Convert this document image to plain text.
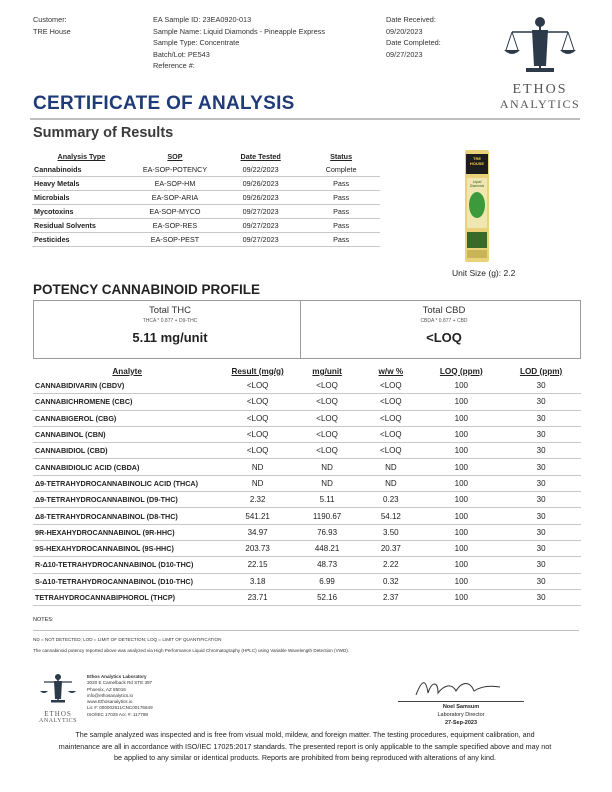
Customer:
TRE House
EA Sample ID: 23EA0920-013
Sample Name: Liquid Diamonds - Pineapple Express
Sample Type: Concentrate
Batch/Lot: PE543
Reference #:
Date Received:
09/20/2023
Date Completed:
09/27/2023
ETHOS
ANALYTICS
CERTIFICATE OF ANALYSIS
Summary of Results
Analysis Type	SOP	Date Tested	Status
Cannabinoids	EA-SOP-POTENCY	09/22/2023	Complete
Heavy Metals	EA-SOP-HM	09/26/2023	Pass
Microbials	EA-SOP-ARIA	09/26/2023	Pass
Mycotoxins	EA-SOP-MYCO	09/27/2023	Pass
Residual Solvents	EA-SOP-RES	09/27/2023	Pass
Pesticides	EA-SOP-PEST	09/27/2023	Pass
TRE HOUSE
Liquid Diamonds
Unit Size (g): 2.2
POTENCY CANNABINOID PROFILE
Total THC
THCA * 0.877 + D9-THC
5.11 mg/unit
Total CBD
CBDA * 0.877 + CBD
<LOQ
Analyte	Result (mg/g)	mg/unit	w/w %	LOQ (ppm)	LOD (ppm)
CANNABIDIVARIN (CBDV)	<LOQ	<LOQ	<LOQ	100	30
CANNABICHROMENE (CBC)	<LOQ	<LOQ	<LOQ	100	30
CANNABIGEROL (CBG)	<LOQ	<LOQ	<LOQ	100	30
CANNABINOL (CBN)	<LOQ	<LOQ	<LOQ	100	30
CANNABIDIOL (CBD)	<LOQ	<LOQ	<LOQ	100	30
CANNABIDIOLIC ACID (CBDA)	ND	ND	ND	100	30
Δ9-TETRAHYDROCANNABINOLIC ACID (THCA)	ND	ND	ND	100	30
Δ9-TETRAHYDROCANNABINOL (D9-THC)	2.32	5.11	0.23	100	30
Δ8-TETRAHYDROCANNABINOL (D8-THC)	541.21	1190.67	54.12	100	30
9R-HEXAHYDROCANNABINOL (9R-HHC)	34.97	76.93	3.50	100	30
9S-HEXAHYDROCANNABINOL (9S-HHC)	203.73	448.21	20.37	100	30
R-Δ10-TETRAHYDROCANNABINOL (D10-THC)	22.15	48.73	2.22	100	30
S-Δ10-TETRAHYDROCANNABINOL (D10-THC)	3.18	6.99	0.32	100	30
TETRAHYDROCANNABIPHOROL (THCP)	23.71	52.16	2.37	100	30
NOTES:
ND = NOT DETECTED; LOD = LIMIT OF DETECTION; LOQ = LIMIT OF QUANTIFICATION
The cannabinoid potency reported above was analyzed via High Performance Liquid Chromatography (HPLC) using Variable Wavelength Detection (VWD).
ETHOS
ANALYTICS
Ethos Analytics Laboratory
3020 E Camelback Rd STE 397
Phoenix, AZ 85016
info@ethosanalytics.io
www.Ethosanalytics.io
Lic #: 00000261LCNC00176649
ISO/IEC 17025 Acc #: 117798
Noel Samsum
Laboratory Director
27-Sep-2023
The sample analyzed was inspected and is free from visual mold, mildew, and foreign matter. The testing procedures, equipment calibration, and maintenance are all in accordance with ISO/IEC 17025:2017 standards. The presented report is only applicable to the sample specified above and may not be applied to any similar or identical products. Reports are prohibited from being reproduced with alterations of any kind.
